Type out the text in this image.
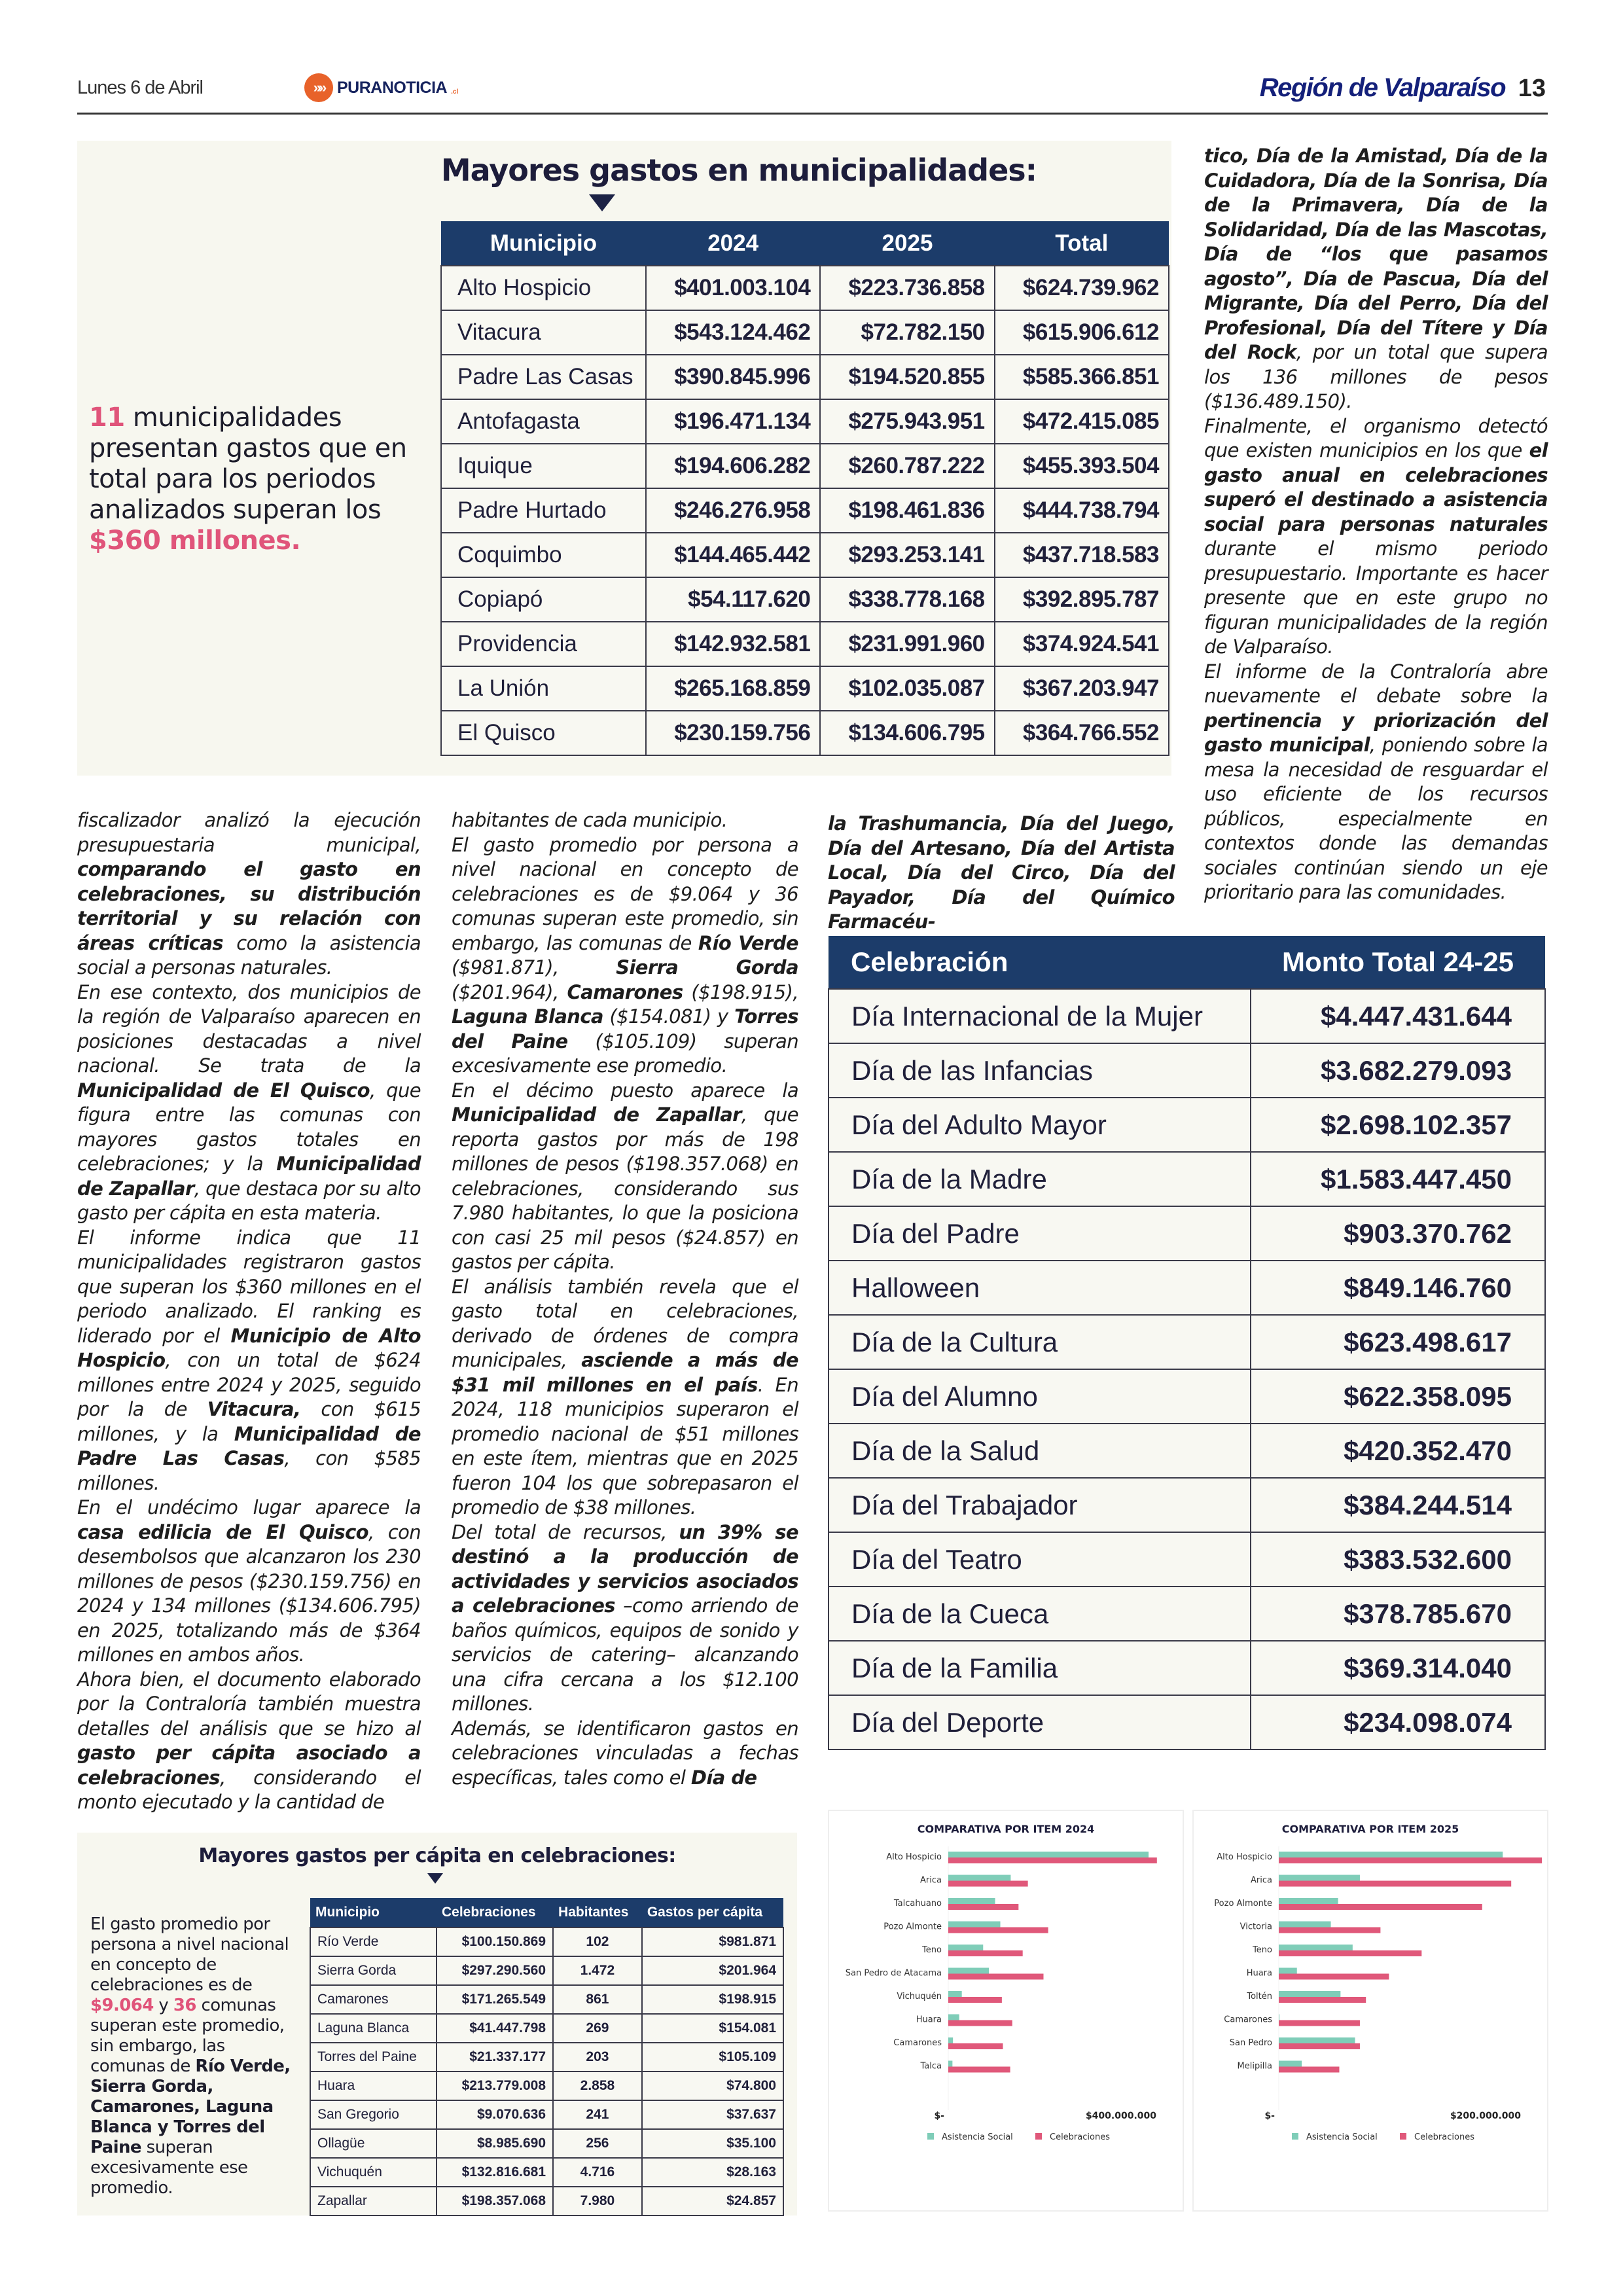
Lunes 6 de Abril	»» PURANOTICIA .cl	Región de Valparaíso 13
Mayores gastos en municipalidades:
11 municipalidades presentan gastos que en total para los periodos analizados superan los $360 millones.
Municipio	2024	2025	Total
Alto Hospicio	$401.003.104	$223.736.858	$624.739.962
Vitacura	$543.124.462	$72.782.150	$615.906.612
Padre Las Casas	$390.845.996	$194.520.855	$585.366.851
Antofagasta	$196.471.134	$275.943.951	$472.415.085
Iquique	$194.606.282	$260.787.222	$455.393.504
Padre Hurtado	$246.276.958	$198.461.836	$444.738.794
Coquimbo	$144.465.442	$293.253.141	$437.718.583
Copiapó	$54.117.620	$338.778.168	$392.895.787
Providencia	$142.932.581	$231.991.960	$374.924.541
La Unión	$265.168.859	$102.035.087	$367.203.947
El Quisco	$230.159.756	$134.606.795	$364.766.552

tico, Día de la Amistad, Día de la Cuidadora, Día de la Sonrisa, Día de la Primavera, Día de la Solidaridad, Día de las Mascotas, Día de “los que pasamos agosto”, Día de Pascua, Día del Migrante, Día del Perro, Día del Profesional, Día del Títere y Día del Rock, por un total que supera los 136 millones de pesos ($136.489.150).

Finalmente, el organismo detectó que existen municipios en los que el gasto anual en celebraciones superó el destinado a asistencia social para personas naturales durante el mismo periodo presupuestario. Importante es hacer presente que en este grupo no figuran municipalidades de la región de Valparaíso.

El informe de la Contraloría abre nuevamente el debate sobre la pertinencia y priorización del gasto municipal, poniendo sobre la mesa la necesidad de resguardar el uso eficiente de los recursos públicos, especialmente en contextos donde las demandas sociales continúan siendo un eje prioritario para las comunidades.

fiscalizador analizó la ejecución presupuestaria municipal, comparando el gasto en celebraciones, su distribución territorial y su relación con áreas críticas como la asistencia social a personas naturales.

En ese contexto, dos municipios de la región de Valparaíso aparecen en posiciones destacadas a nivel nacional. Se trata de la Municipalidad de El Quisco, que figura entre las comunas con mayores gastos totales en celebraciones; y la Municipalidad de Zapallar, que destaca por su alto gasto per cápita en esta materia.

El informe indica que 11 municipalidades registraron gastos que superan los $360 millones en el periodo analizado. El ranking es liderado por el Municipio de Alto Hospicio, con un total de $624 millones entre 2024 y 2025, seguido por la de Vitacura, con $615 millones, y la Municipalidad de Padre Las Casas, con $585 millones.

En el undécimo lugar aparece la casa edilicia de El Quisco, con desembolsos que alcanzaron los 230 millones de pesos ($230.159.756) en 2024 y 134 millones ($134.606.795) en 2025, totalizando más de $364 millones en ambos años.

Ahora bien, el documento elaborado por la Contraloría también muestra detalles del análisis que se hizo al gasto per cápita asociado a celebraciones, considerando el monto ejecutado y la cantidad de

habitantes de cada municipio.

El gasto promedio por persona a nivel nacional en concepto de celebraciones es de $9.064 y 36 comunas superan este promedio, sin embargo, las comunas de Río Verde ($981.871), Sierra Gorda ($201.964), Camarones ($198.915), Laguna Blanca ($154.081) y Torres del Paine ($105.109) superan excesivamente ese promedio.

En el décimo puesto aparece la Municipalidad de Zapallar, que reporta gastos por más de 198 millones de pesos ($198.357.068) en celebraciones, considerando sus 7.980 habitantes, lo que la posiciona con casi 25 mil pesos ($24.857) en gastos per cápita.

El análisis también revela que el gasto total en celebraciones, derivado de órdenes de compra municipales, asciende a más de $31 mil millones en el país. En 2024, 118 municipios superaron el promedio nacional de $51 millones en este ítem, mientras que en 2025 fueron 104 los que sobrepasaron el promedio de $38 millones.

Del total de recursos, un 39% se destinó a la producción de actividades y servicios asociados a celebraciones –como arriendo de baños químicos, equipos de sonido y servicios de catering– alcanzando una cifra cercana a los $12.100 millones.

Además, se identificaron gastos en celebraciones vinculadas a fechas específicas, tales como el Día de

la Trashumancia, Día del Juego, Día del Artesano, Día del Artista Local, Día del Circo, Día del Payador, Día del Químico Farmacéu-

Celebración	Monto Total 24-25
Día Internacional de la Mujer	$4.447.431.644
Día de las Infancias	$3.682.279.093
Día del Adulto Mayor	$2.698.102.357
Día de la Madre	$1.583.447.450
Día del Padre	$903.370.762
Halloween	$849.146.760
Día de la Cultura	$623.498.617
Día del Alumno	$622.358.095
Día de la Salud	$420.352.470
Día del Trabajador	$384.244.514
Día del Teatro	$383.532.600
Día de la Cueca	$378.785.670
Día de la Familia	$369.314.040
Día del Deporte	$234.098.074
Mayores gastos per cápita en celebraciones:
El gasto promedio por persona a nivel nacional en concepto de celebraciones es de $9.064 y 36 comunas superan este promedio, sin embargo, las comunas de Río Verde, Sierra Gorda, Camarones, Laguna Blanca y Torres del Paine superan excesivamente ese promedio.
Municipio	Celebraciones	Habitantes	Gastos per cápita
Río Verde	$100.150.869	102	$981.871
Sierra Gorda	$297.290.560	1.472	$201.964
Camarones	$171.265.549	861	$198.915
Laguna Blanca	$41.447.798	269	$154.081
Torres del Paine	$21.337.177	203	$105.109
Huara	$213.779.008	2.858	$74.800
San Gregorio	$9.070.636	241	$37.637
Ollagüe	$8.985.690	256	$35.100
Vichuquén	$132.816.681	4.716	$28.163
Zapallar	$198.357.068	7.980	$24.857
COMPARATIVA POR ITEM 2024
Alto Hospicio
Arica
Talcahuano
Pozo Almonte
Teno
San Pedro de Atacama
Vichuquén
Huara
Camarones
Talca
$-	$400.000.000
Asistencia Social	Celebraciones
COMPARATIVA POR ITEM 2025
Alto Hospicio
Arica
Pozo Almonte
Victoria
Teno
Huara
Toltén
Camarones
San Pedro
Melipilla
$-	$200.000.000
Asistencia Social	Celebraciones
